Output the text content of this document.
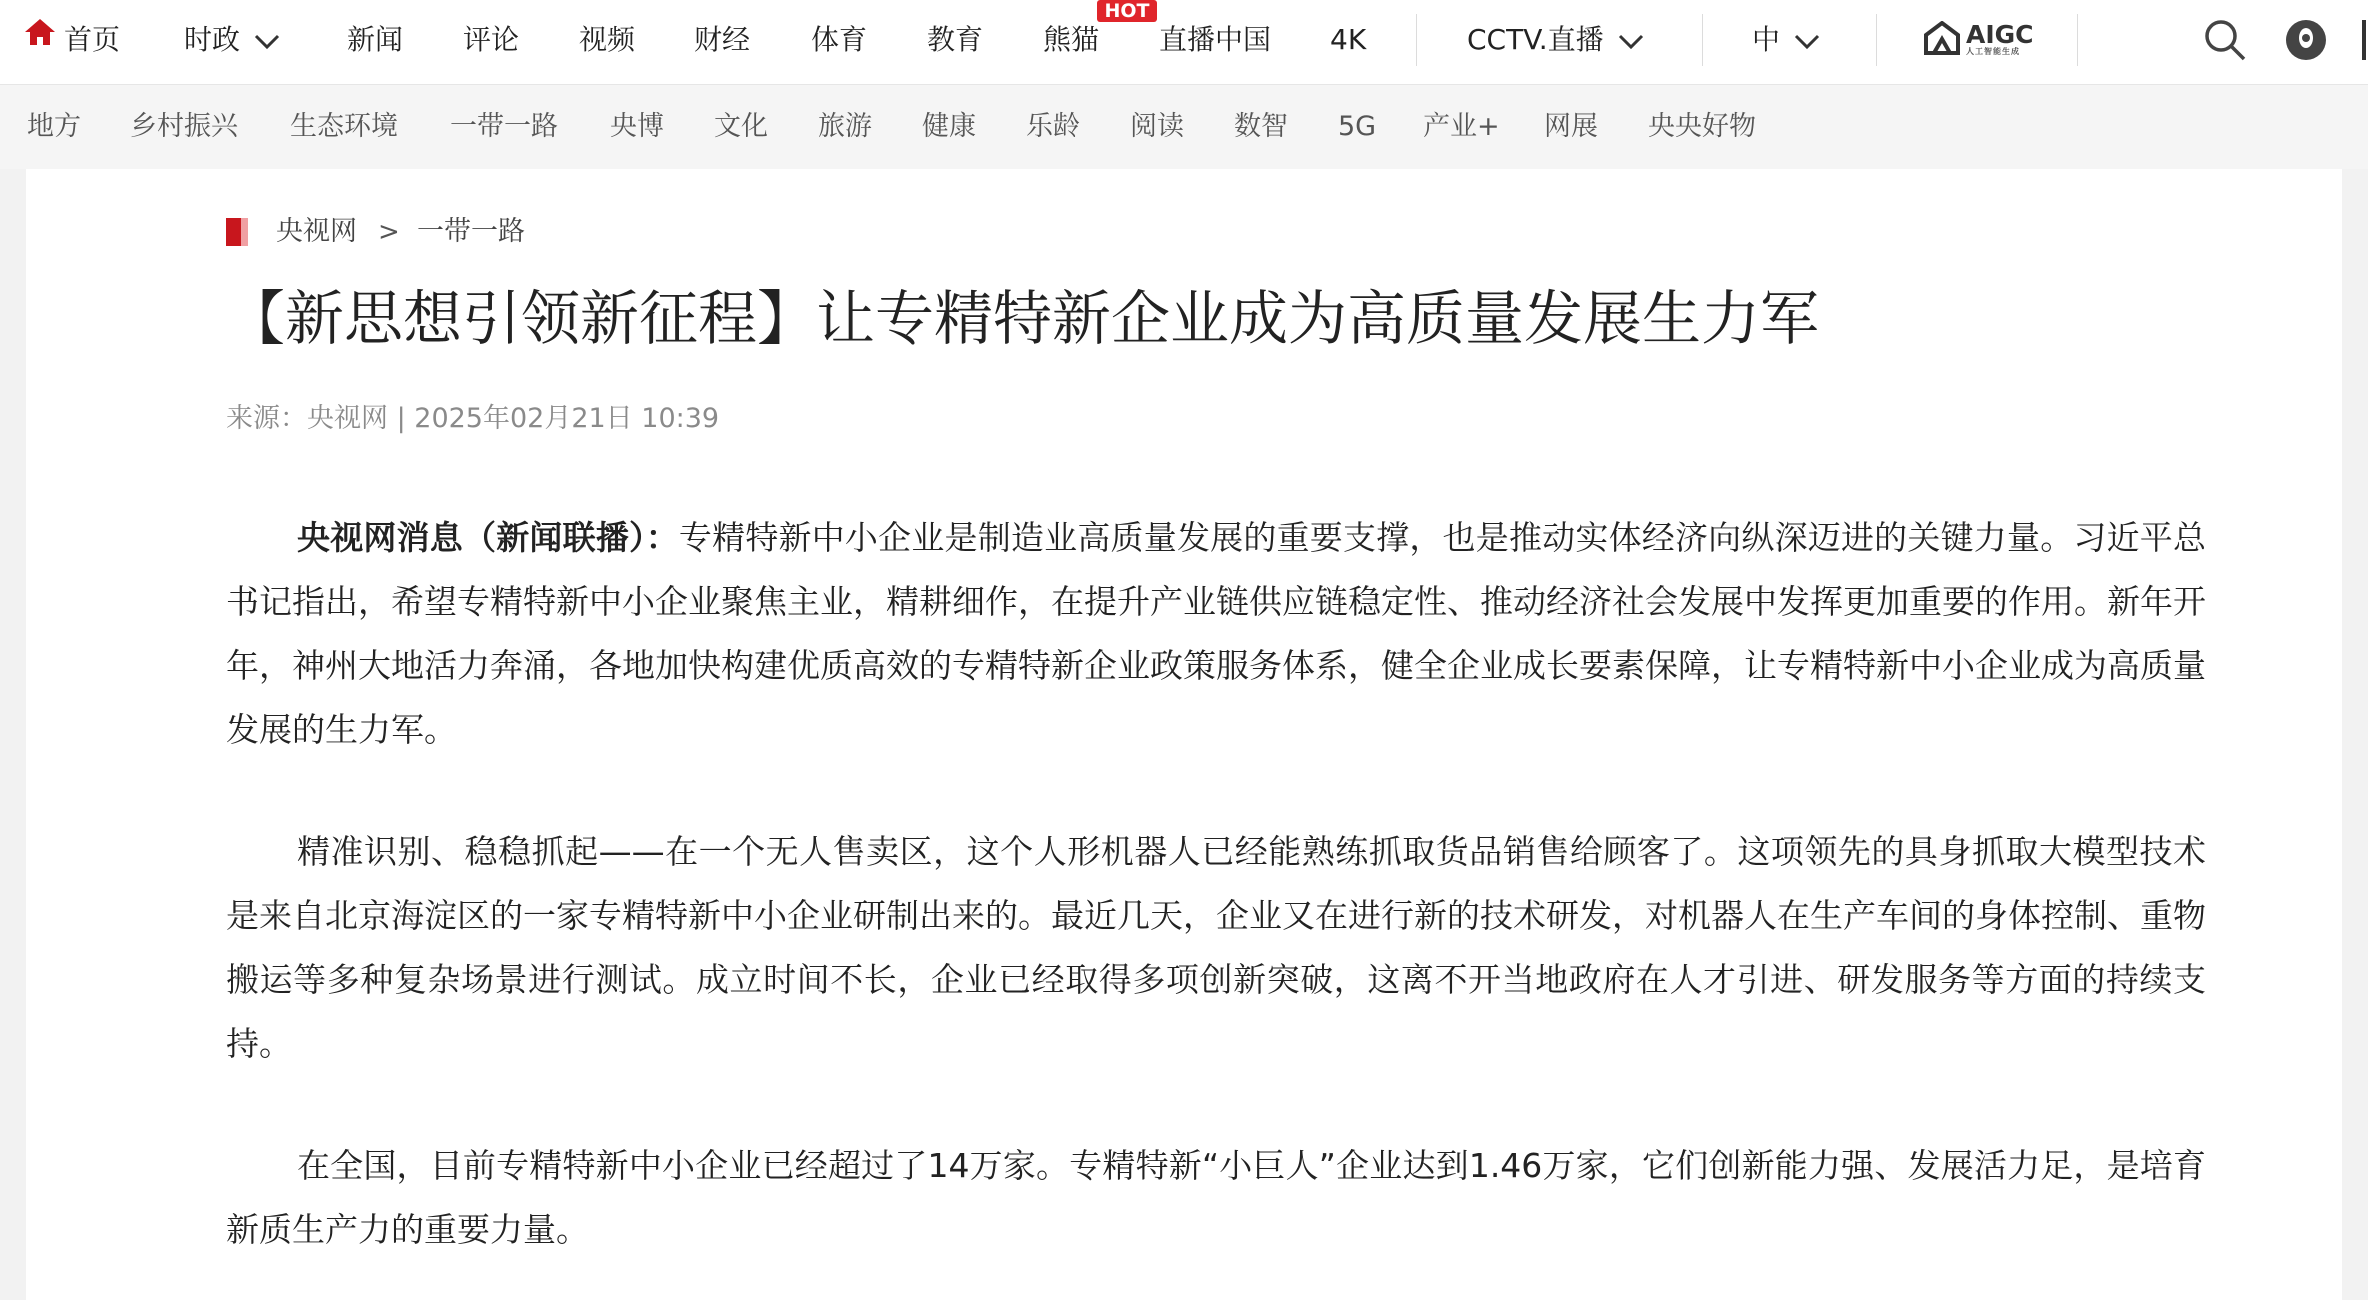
首页 时政	新闻 评论 视频 财经 体育 教育 熊猫
HOT
直播中国 4K	CCTV.直播	中	AIGC
人工智能生成
地方 乡村振兴 生态环境 一带一路 央博 文化 旅游 健康 乐龄 阅读 数智 5G 产业+ 网展 央央好物
央视网 > 一带一路
【新思想引领新征程】让专精特新企业成为高质量发展生力军
来源：央视网 | 2025年02月21日 10:39

央视网消息（新闻联播）：专精特新中小企业是制造业高质量发展的重要支撑，也是推动实体经济向纵深迈进的关键力量。习近平总书记指出，希望专精特新中小企业聚焦主业，精耕细作，在提升产业链供应链稳定性、推动经济社会发展中发挥更加重要的作用。新年开年，神州大地活力奔涌，各地加快构建优质高效的专精特新企业政策服务体系，健全企业成长要素保障，让专精特新中小企业成为高质量发展的生力军。

精准识别、稳稳抓起——在一个无人售卖区，这个人形机器人已经能熟练抓取货品销售给顾客了。这项领先的具身抓取大模型技术是来自北京海淀区的一家专精特新中小企业研制出来的。最近几天，企业又在进行新的技术研发，对机器人在生产车间的身体控制、重物搬运等多种复杂场景进行测试。成立时间不长，企业已经取得多项创新突破，这离不开当地政府在人才引进、研发服务等方面的持续支持。

在全国，目前专精特新中小企业已经超过了14万家。专精特新“小巨人”企业达到1.46万家，它们创新能力强、发展活力足，是培育新质生产力的重要力量。
